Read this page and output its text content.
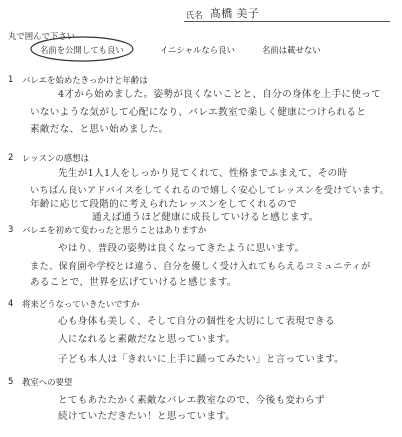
氏名 髙橋 美子
丸で囲んで下さい
名前を公開しても良い	イニシャルなら良い	名前は載せない
1 バレエを始めたきっかけと年齢は
4才から始めました。姿勢が良くないことと、自分の身体を上手に使って
いないような気がして心配になり、バレエ教室で楽しく健康につけられると
素敵だな、と思い始めました。
2 レッスンの感想は
先生が1人1人をしっかり見てくれて、性格までふまえて、その時
いちばん良いアドバイスをしてくれるので嬉しく安心してレッスンを受けています。
年齢に応じて段階的に考えられたレッスンをしてくれるので
通えば通うほど健康に成長していけると感じます。
3 バレエを初めて変わったと思うことはありますか
やはり、普段の姿勢は良くなってきたように思います。
また、保育園や学校とは違う、自分を優しく受け入れてもらえるコミュニティが
あることで、世界を広げていけると感じます。
4 将来どうなっていきたいですか
心も身体も美しく、そして自分の個性を大切にして表現できる
人になれると素敵だなと思っています。
子ども本人は「きれいに上手に踊ってみたい」と言っています。
5 教室への要望
とてもあたたかく素敵なバレエ教室なので、今後も変わらず
続けていただきたい！と思っています。
